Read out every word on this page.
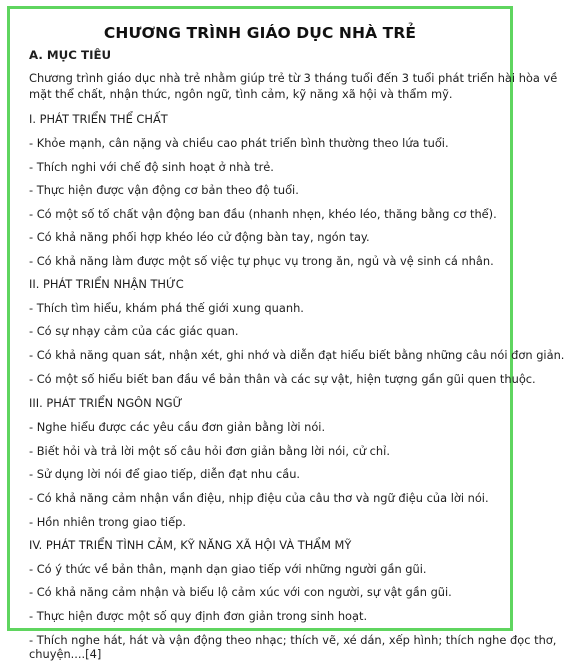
CHƯƠNG TRÌNH GIÁO DỤC NHÀ TRẺ
A. MỤC TIÊU
Chương trình giáo dục nhà trẻ nhằm giúp trẻ từ 3 tháng tuổi đến 3 tuổi phát triển hài hòa về
mặt thể chất, nhận thức, ngôn ngữ, tình cảm, kỹ năng xã hội và thẩm mỹ.
I. PHÁT TRIỂN THỂ CHẤT
- Khỏe mạnh, cân nặng và chiều cao phát triển bình thường theo lứa tuổi.
- Thích nghi với chế độ sinh hoạt ở nhà trẻ.
- Thực hiện được vận động cơ bản theo độ tuổi.
- Có một số tố chất vận động ban đầu (nhanh nhẹn, khéo léo, thăng bằng cơ thể).
- Có khả năng phối hợp khéo léo cử động bàn tay, ngón tay.
- Có khả năng làm được một số việc tự phục vụ trong ăn, ngủ và vệ sinh cá nhân.
II. PHÁT TRIỂN NHẬN THỨC
- Thích tìm hiểu, khám phá thế giới xung quanh.
- Có sự nhạy cảm của các giác quan.
- Có khả năng quan sát, nhận xét, ghi nhớ và diễn đạt hiểu biết bằng những câu nói đơn giản.
- Có một số hiểu biết ban đầu về bản thân và các sự vật, hiện tượng gần gũi quen thuộc.
III. PHÁT TRIỂN NGÔN NGỮ
- Nghe hiểu được các yêu cầu đơn giản bằng lời nói.
- Biết hỏi và trả lời một số câu hỏi đơn giản bằng lời nói, cử chỉ.
- Sử dụng lời nói để giao tiếp, diễn đạt nhu cầu.
- Có khả năng cảm nhận vần điệu, nhịp điệu của câu thơ và ngữ điệu của lời nói.
- Hồn nhiên trong giao tiếp.
IV. PHÁT TRIỂN TÌNH CẢM, KỸ NĂNG XÃ HỘI VÀ THẨM MỸ
- Có ý thức về bản thân, mạnh dạn giao tiếp với những người gần gũi.
- Có khả năng cảm nhận và biểu lộ cảm xúc với con người, sự vật gần gũi.
- Thực hiện được một số quy định đơn giản trong sinh hoạt.
- Thích nghe hát, hát và vận động theo nhạc; thích vẽ, xé dán, xếp hình; thích nghe đọc thơ,
chuyện....[4]
